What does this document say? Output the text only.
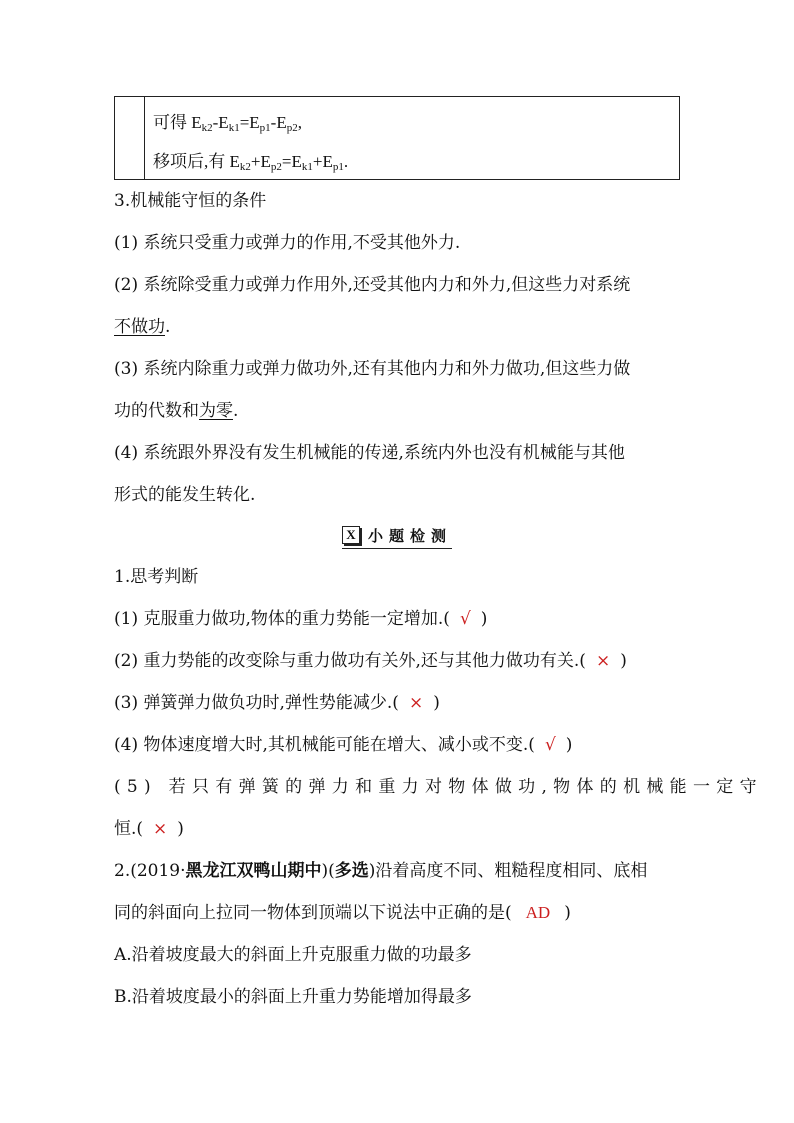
可得 $E_{k2}-E_{k1}=E_{p1}-E_{p2}$,
移项后,有 $E_{k2}+E_{p2}=E_{k1}+E_{p1}$.
3.机械能守恒的条件
(1) 系统只受重力或弹力的作用,不受其他外力.
(2) 系统除受重力或弹力作用外,还受其他内力和外力,但这些力对系统
不做功.
(3) 系统内除重力或弹力做功外,还有其他内力和外力做功,但这些力做
功的代数和为零.
(4) 系统跟外界没有发生机械能的传递,系统内外也没有机械能与其他
形式的能发生转化.
X 小题检测
1.思考判断
(1) 克服重力做功,物体的重力势能一定增加.( √ )
(2) 重力势能的改变除与重力做功有关外,还与其他力做功有关.( × )
(3) 弹簧弹力做负功时,弹性势能减少.( × )
(4) 物体速度增大时,其机械能可能在增大、减小或不变.( √ )
(5) 若只有弹簧的弹力和重力对物体做功,物体的机械能一定守
恒.( × )
2.(2019·黑龙江双鸭山期中)(多选)沿着高度不同、粗糙程度相同、底相
同的斜面向上拉同一物体到顶端以下说法中正确的是( AD )
A.沿着坡度最大的斜面上升克服重力做的功最多
B.沿着坡度最小的斜面上升重力势能增加得最多
